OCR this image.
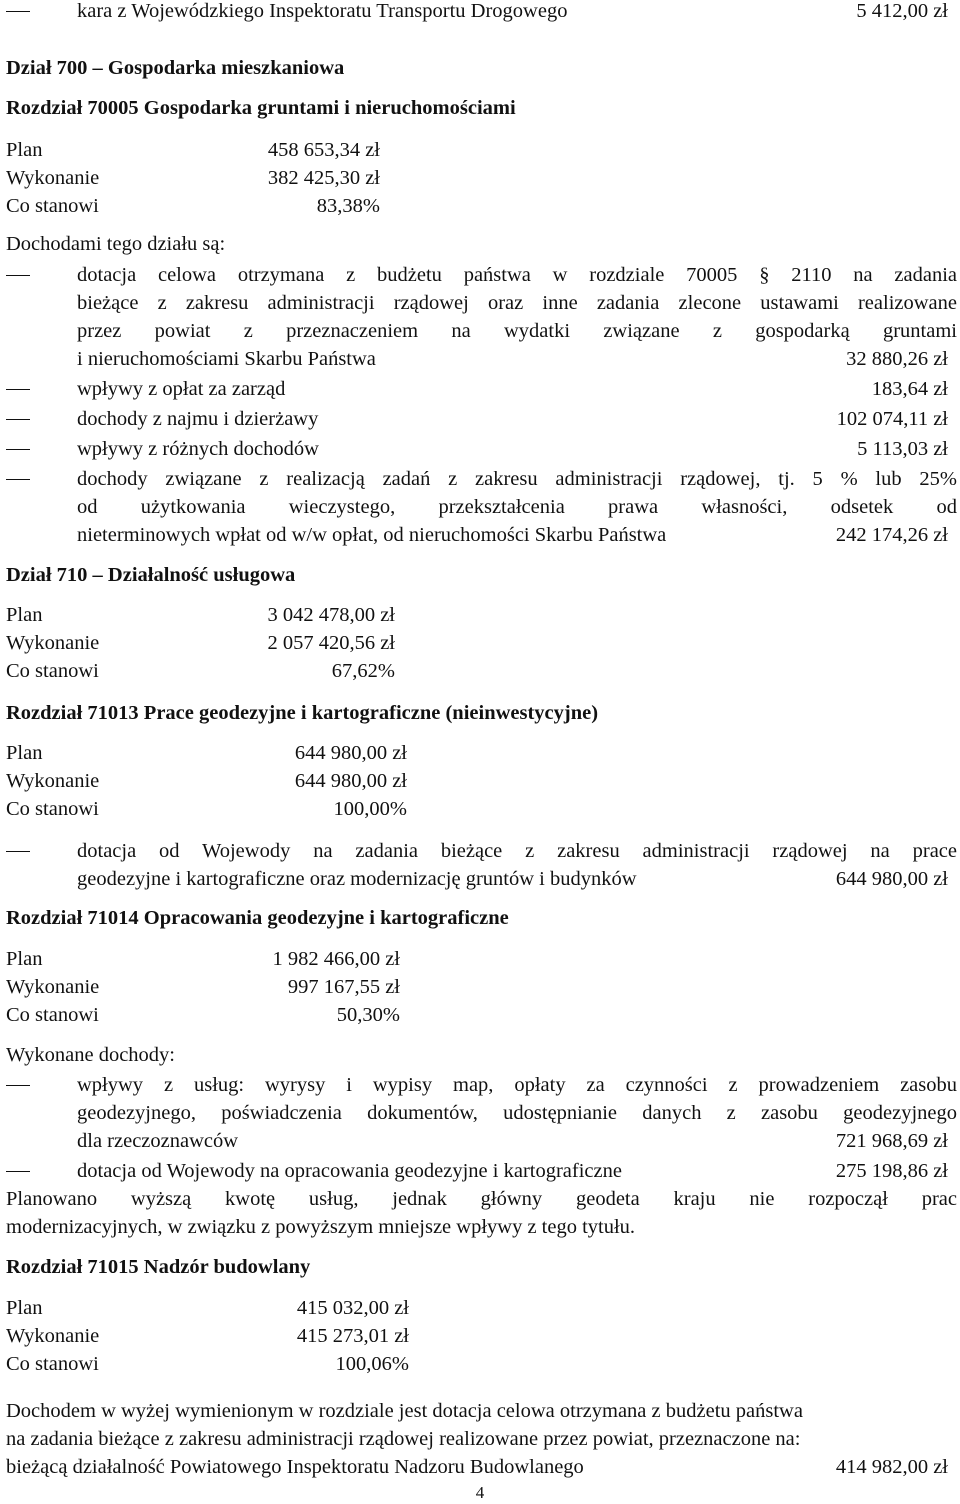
kara z Wojewódzkiego Inspektoratu Transportu Drogowego	5 412,00 zł
Dział 700 – Gospodarka mieszkaniowa
Rozdział 70005 Gospodarka gruntami i nieruchomościami
Plan	458 653,34 zł
Wykonanie	382 425,30 zł
Co stanowi	83,38%
Dochodami tego działu są:
dotacja celowa otrzymana z budżetu państwa w rozdziale 70005 § 2110 na zadania
bieżące z zakresu administracji rządowej oraz inne zadania zlecone ustawami realizowane
przez powiat z przeznaczeniem na wydatki związane z gospodarką gruntami
i nieruchomościami Skarbu Państwa	32 880,26 zł
wpływy z opłat za zarząd	183,64 zł
dochody z najmu i dzierżawy	102 074,11 zł
wpływy z różnych dochodów	5 113,03 zł
dochody związane z realizacją zadań z zakresu administracji rządowej, tj. 5 % lub 25%
od użytkowania wieczystego, przekształcenia prawa własności, odsetek od
nieterminowych wpłat od w/w opłat, od nieruchomości Skarbu Państwa	242 174,26 zł
Dział 710 – Działalność usługowa
Plan	3 042 478,00 zł
Wykonanie	2 057 420,56 zł
Co stanowi	67,62%
Rozdział 71013 Prace geodezyjne i kartograficzne (nieinwestycyjne)
Plan	644 980,00 zł
Wykonanie	644 980,00 zł
Co stanowi	100,00%
dotacja od Wojewody na zadania bieżące z zakresu administracji rządowej na prace
geodezyjne i kartograficzne oraz modernizację gruntów i budynków	644 980,00 zł
Rozdział 71014 Opracowania geodezyjne i kartograficzne
Plan	1 982 466,00 zł
Wykonanie	997 167,55 zł
Co stanowi	50,30%
Wykonane dochody:
wpływy z usług: wyrysy i wypisy map, opłaty za czynności z prowadzeniem zasobu
geodezyjnego, poświadczenia dokumentów, udostępnianie danych z zasobu geodezyjnego
dla rzeczoznawców	721 968,69 zł
dotacja od Wojewody na opracowania geodezyjne i kartograficzne	275 198,86 zł
Planowano wyższą kwotę usług, jednak główny geodeta kraju nie rozpoczął prac
modernizacyjnych, w związku z powyższym mniejsze wpływy z tego tytułu.
Rozdział 71015 Nadzór budowlany
Plan	415 032,00 zł
Wykonanie	415 273,01 zł
Co stanowi	100,06%
Dochodem w wyżej wymienionym w rozdziale jest dotacja celowa otrzymana z budżetu państwa
na zadania bieżące z zakresu administracji rządowej realizowane przez powiat, przeznaczone na:
bieżącą działalność Powiatowego Inspektoratu Nadzoru Budowlanego	414 982,00 zł
4
